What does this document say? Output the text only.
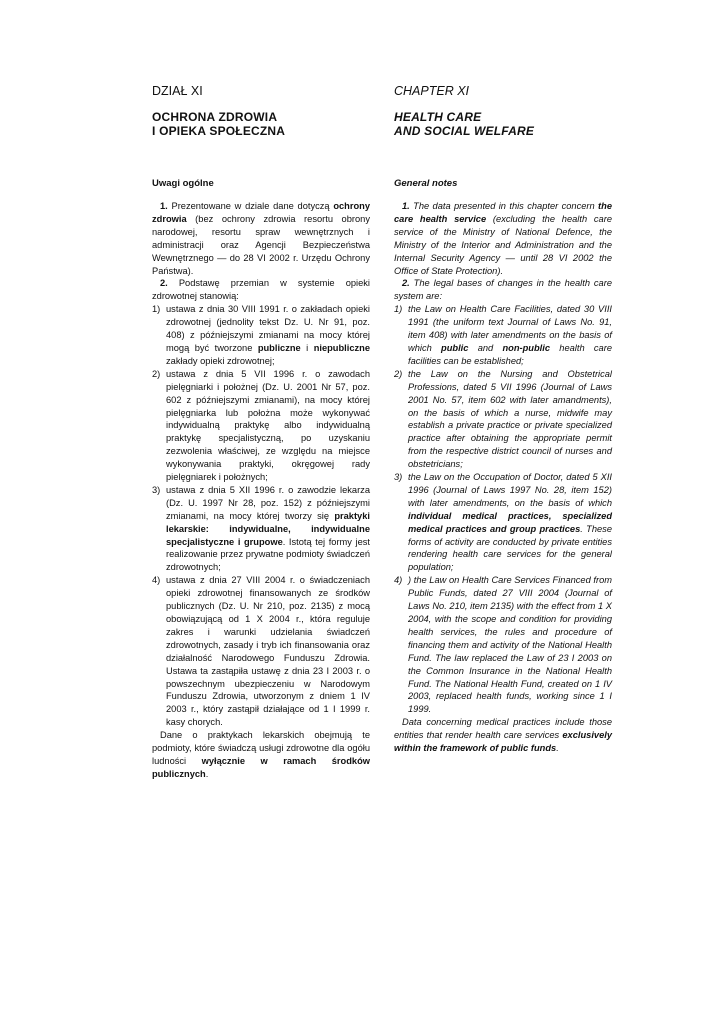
DZIAŁ XI

OCHRONA ZDROWIA
I OPIEKA SPOŁECZNA

Uwagi ogólne

1. Prezentowane w dziale dane dotyczą ochrony zdrowia (bez ochrony zdrowia resortu obrony narodowej, resortu spraw wewnętrznych i administracji oraz Agencji Bezpieczeństwa Wewnętrznego — do 28 VI 2002 r. Urzędu Ochrony Państwa).

2. Podstawę przemian w systemie opieki zdrowotnej stanowią:

1) ustawa z dnia 30 VIII 1991 r. o zakładach opieki zdrowotnej (jednolity tekst Dz. U. Nr 91, poz. 408) z późniejszymi zmianami na mocy której mogą być tworzone publiczne i niepubliczne zakłady opieki zdrowotnej;
2) ustawa z dnia 5 VII 1996 r. o zawodach pielęgniarki i położnej (Dz. U. 2001 Nr 57, poz. 602 z późniejszymi zmianami), na mocy której pielęgniarka lub położna może wykonywać indywidualną praktykę albo indywidualną praktykę specjalistyczną, po uzyskaniu zezwolenia właściwej, ze względu na miejsce wykonywania praktyki, okręgowej rady pielęgniarek i położnych;
3) ustawa z dnia 5 XII 1996 r. o zawodzie lekarza (Dz. U. 1997 Nr 28, poz. 152) z późniejszymi zmianami, na mocy której tworzy się praktyki lekarskie: indywidualne, indywidualne specjalistyczne i grupowe. Istotą tej formy jest realizowanie przez prywatne podmioty świadczeń zdrowotnych;
4) ustawa z dnia 27 VIII 2004 r. o świadczeniach opieki zdrowotnej finansowanych ze środków publicznych (Dz. U. Nr 210, poz. 2135) z mocą obowiązującą od 1 X 2004 r., która reguluje zakres i warunki udzielania świadczeń zdrowotnych, zasady i tryb ich finansowania oraz działalność Narodowego Funduszu Zdrowia. Ustawa ta zastąpiła ustawę z dnia 23 I 2003 r. o powszechnym ubezpieczeniu w Narodowym Funduszu Zdrowia, utworzonym z dniem 1 IV 2003 r., który zastąpił działające od 1 I 1999 r. kasy chorych.

Dane o praktykach lekarskich obejmują te podmioty, które świadczą usługi zdrowotne dla ogółu ludności wyłącznie w ramach środków publicznych.

CHAPTER XI

HEALTH CARE
AND SOCIAL WELFARE

General notes

1. The data presented in this chapter concern the care health service (excluding the health care service of the Ministry of National Defence, the Ministry of the Interior and Administration and the Internal Security Agency — until 28 VI 2002 the Office of State Protection).

2. The legal bases of changes in the health care system are:

1) the Law on Health Care Facilities, dated 30 VIII 1991 (the uniform text Journal of Laws No. 91, item 408) with later amendments on the basis of which public and non-public health care facilities can be established;
2) the Law on the Nursing and Obstetrical Professions, dated 5 VII 1996 (Journal of Laws 2001 No. 57, item 602 with later amandments), on the basis of which a nurse, midwife may establish a private practice or private specialized practice after obtaining the appropriate permit from the respective district council of nurses and obstetricians;
3) the Law on the Occupation of Doctor, dated 5 XII 1996 (Journal of Laws 1997 No. 28, item 152) with later amendments, on the basis of which individual medical practices, specialized medical practices and group practices. These forms of activity are conducted by private entities rendering health care services for the general population;
4) ) the Law on Health Care Services Financed from Public Funds, dated 27 VIII 2004 (Journal of Laws No. 210, item 2135) with the effect from 1 X 2004, with the scope and condition for providing health services, the rules and procedure of financing them and activity of the National Health Fund. The law replaced the Law of 23 I 2003 on the Common Insurance in the National Health Fund. The National Health Fund, created on 1 IV 2003, replaced health funds, working since 1 I 1999.

Data concerning medical practices include those entities that render health care services exclusively within the framework of public funds.
